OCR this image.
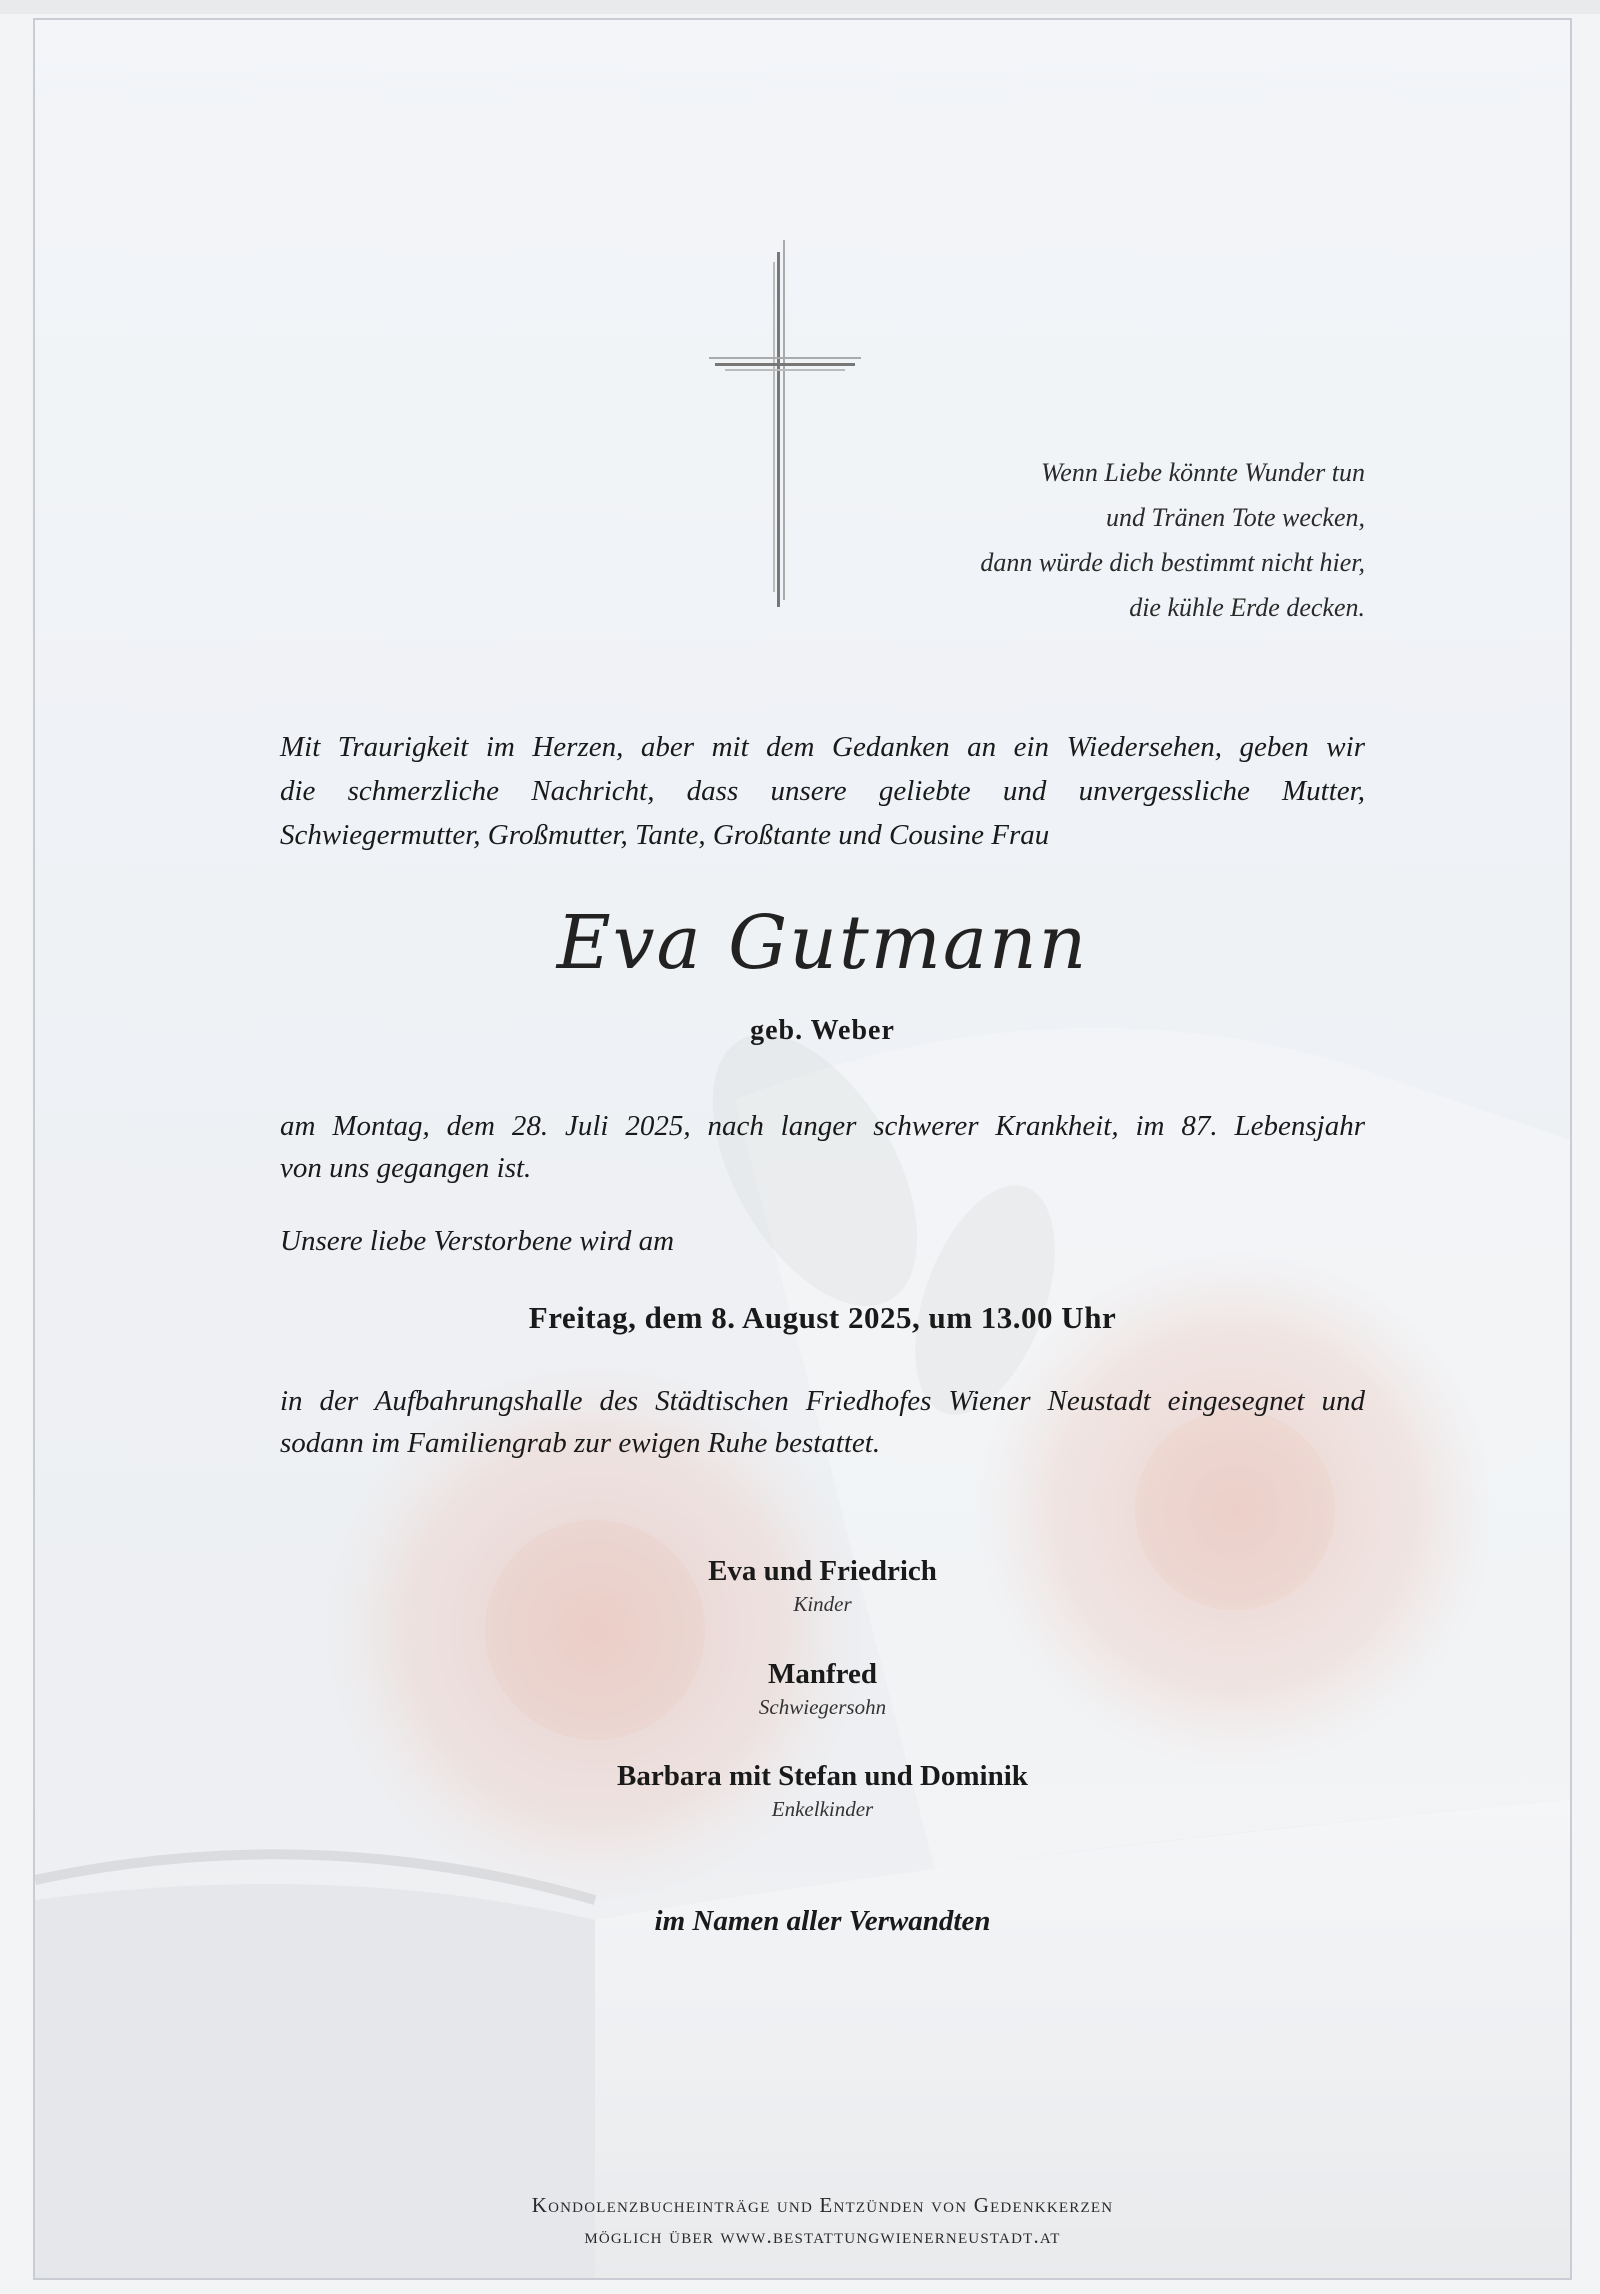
Wenn Liebe könnte Wunder tun
und Tränen Tote wecken,
dann würde dich bestimmt nicht hier,
die kühle Erde decken.
Mit Traurigkeit im Herzen, aber mit dem Gedanken an ein Wiedersehen, geben wir
die schmerzliche Nachricht, dass unsere geliebte und unvergessliche Mutter,
Schwiegermutter, Großmutter, Tante, Großtante und Cousine Frau
Eva Gutmann
geb. Weber
am Montag, dem 28. Juli 2025, nach langer schwerer Krankheit, im 87. Lebensjahr
von uns gegangen ist.
Unsere liebe Verstorbene wird am
Freitag, dem 8. August 2025, um 13.00 Uhr
in der Aufbahrungshalle des Städtischen Friedhofes Wiener Neustadt eingesegnet und
sodann im Familiengrab zur ewigen Ruhe bestattet.
Eva und Friedrich
Kinder
Manfred
Schwiegersohn
Barbara mit Stefan und Dominik
Enkelkinder
im Namen aller Verwandten
Kondolenzbucheinträge und Entzünden von Gedenkkerzen
möglich über www.bestattungwienerneustadt.at
